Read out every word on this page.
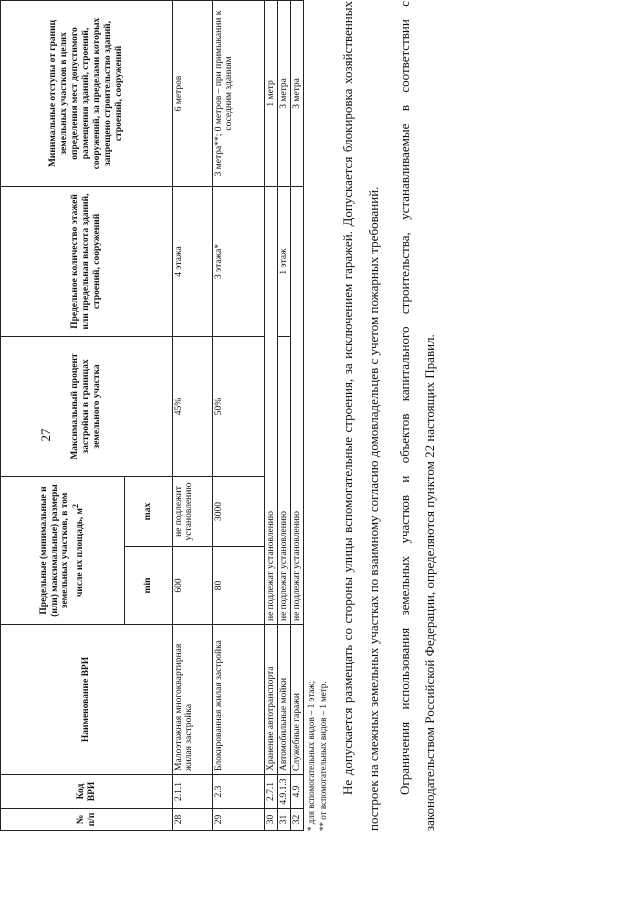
27
№ п/п	Код ВРИ	Наименование ВРИ	Предельные (минимальные и (или) максимальные) размеры земельных участков, в том числе их площадь, $м^2$		Максимальный процент застройки в границах земельного участка	Предельное количество этажей или предельная высота зданий, строений, сооружений	Минимальные отступы от границ земельных участков в целях определения мест допустимого размещения зданий, строений, сооружений, за пределами которых запрещено строительство зданий, строений, сооружений
			min	max			
28	2.1.1	Малоэтажная многоквартирная жилая застройка	600	не подлежит установлению	45%	4 этажа	6 метров
29	2.3	Блокированная жилая застройка	80	3000	50%	3 этажа*	3 метра**; 0 метров – при примыкании к соседним зданиям
30	2.7.1	Хранение автотранспорта	не подлежат установлению				1 метр
31	4.9.1.3	Автомобильные мойки	не подлежат установлению			1 этаж	3 метра
32	4.9	Служебные гаражи	не подлежат установлению				3 метра
* для вспомогательных видов – 1 этаж; ** от вспомогательных видов – 1 метр. Не допускается размещать со стороны улицы вспомогательные строения, за исключением гаражей. Допускается блокировка хозяйственных построек на смежных земельных участках по взаимному согласию домовладельцев с учетом пожарных требований.	Ограничения использования земельных участков и объектов капитального строительства, устанавливаемые в соответствии с законодательством Российской Федерации, определяются пунктом 22 настоящих Правил.
